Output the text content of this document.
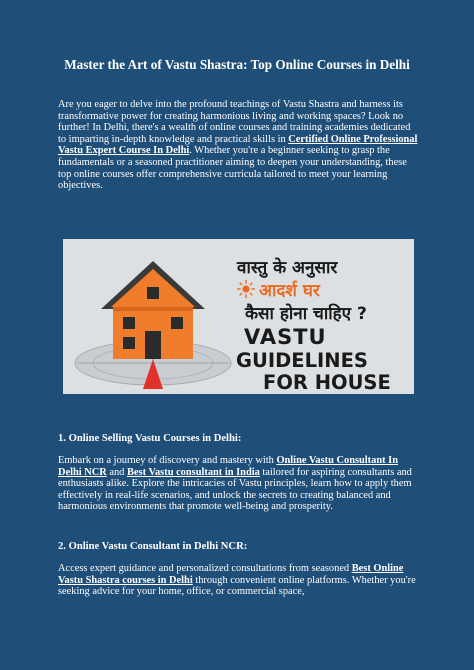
Master the Art of Vastu Shastra: Top Online Courses in Delhi

Are you eager to delve into the profound teachings of Vastu Shastra and harness its transformative power for creating harmonious living and working spaces? Look no further! In Delhi, there's a wealth of online courses and training academies dedicated to imparting in-depth knowledge and practical skills in Certified Online Professional Vastu Expert Course In Delhi. Whether you're a beginner seeking to grasp the fundamentals or a seasoned practitioner aiming to deepen your understanding, these top online courses offer comprehensive curricula tailored to meet your learning objectives.

वास्तु के अनुसार
आदर्श घर
कैसा होना चाहिए ?
VASTU
GUIDELINES
FOR HOUSE
1. Online Selling Vastu Courses in Delhi:

Embark on a journey of discovery and mastery with Online Vastu Consultant In Delhi NCR and Best Vastu consultant in India tailored for aspiring consultants and enthusiasts alike. Explore the intricacies of Vastu principles, learn how to apply them effectively in real-life scenarios, and unlock the secrets to creating balanced and harmonious environments that promote well-being and prosperity.

2. Online Vastu Consultant in Delhi NCR:

Access expert guidance and personalized consultations from seasoned Best Online Vastu Shastra courses in Delhi through convenient online platforms. Whether you're seeking advice for your home, office, or commercial space,
